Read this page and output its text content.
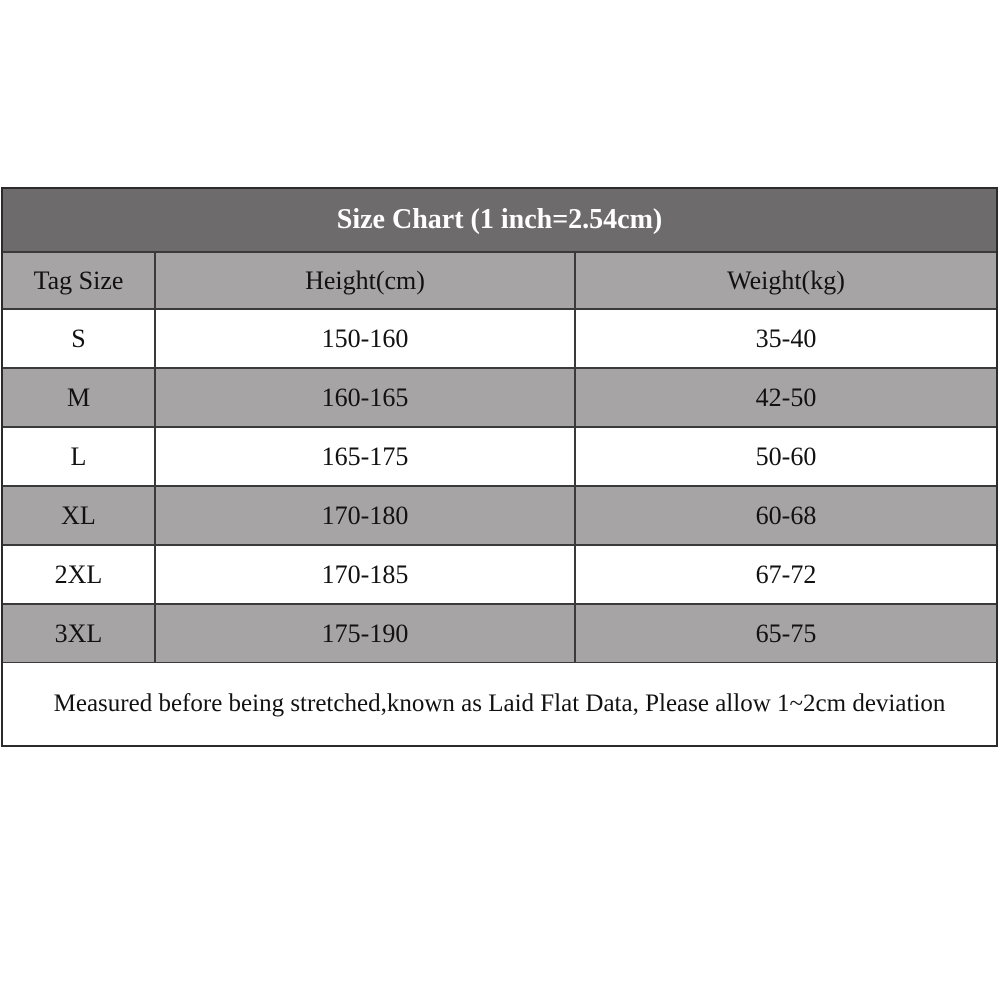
Size Chart (1 inch=2.54cm)
Tag Size	Height(cm)	Weight(kg)
S	150-160	35-40
M	160-165	42-50
L	165-175	50-60
XL	170-180	60-68
2XL	170-185	67-72
3XL	175-190	65-75
Measured before being stretched,known as Laid Flat Data, Please allow 1~2cm deviation
